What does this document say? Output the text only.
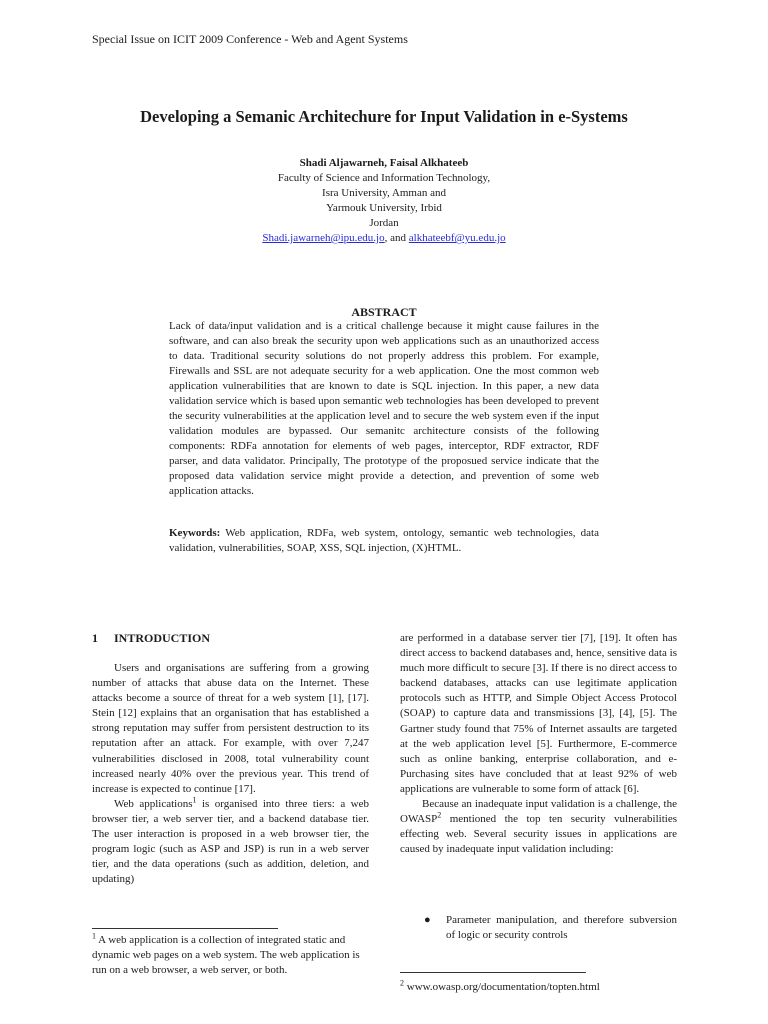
Special Issue on ICIT 2009 Conference - Web and Agent Systems
Developing a Semanic Architechure for Input Validation in e-Systems
Shadi Aljawarneh, Faisal Alkhateeb
Faculty of Science and Information Technology,
Isra University, Amman and
Yarmouk University, Irbid
Jordan
Shadi.jawarneh@ipu.edu.jo, and alkhateebf@yu.edu.jo
ABSTRACT
Lack of data/input validation and is a critical challenge because it might cause failures in the software, and can also break the security upon web applications such as an unauthorized access to data. Traditional security solutions do not properly address this problem. For example, Firewalls and SSL are not adequate security for a web application. One the most common web application vulnerabilities that are known to date is SQL injection. In this paper, a new data validation service which is based upon semantic web technologies has been developed to prevent the security vulnerabilities at the application level and to secure the web system even if the input validation modules are bypassed. Our semanitc architecture consists of the following components: RDFa annotation for elements of web pages, interceptor, RDF extractor, RDF parser, and data validator. Principally, The prototype of the proposued service indicate that the proposed data validation service might provide a detection, and prevention of some web application attacks.
Keywords: Web application, RDFa, web system, ontology, semantic web technologies, data validation, vulnerabilities, SOAP, XSS, SQL injection, (X)HTML.
1 INTRODUCTION

Users and organisations are suffering from a growing number of attacks that abuse data on the Internet. These attacks become a source of threat for a web system [1], [17]. Stein [12] explains that an organisation that has established a strong reputation may suffer from persistent destruction to its reputation after an attack. For example, with over 7,247 vulnerabilities disclosed in 2008, total vulnerability count increased nearly 40% over the previous year. This trend of increase is expected to continue [17].

Web applications$^1$ is organised into three tiers: a web browser tier, a web server tier, and a backend database tier. The user interaction is proposed in a web browser tier, the program logic (such as ASP and JSP) is run in a web server tier, and the data operations (such as addition, deletion, and updating)

$^1$ A web application is a collection of integrated static and dynamic web pages on a web system. The web application is run on a web browser, a web server, or both.

are performed in a database server tier [7], [19]. It often has direct access to backend databases and, hence, sensitive data is much more difficult to secure [3]. If there is no direct access to backend databases, attacks can use legitimate application protocols such as HTTP, and Simple Object Access Protocol (SOAP) to capture data and transmissions [3], [4], [5]. The Gartner study found that 75% of Internet assaults are targeted at the web application level [5]. Furthermore, E-commerce such as online banking, enterprise collaboration, and e-Purchasing sites have concluded that at least 92% of web applications are vulnerable to some form of attack [6].

Because an inadequate input validation is a challenge, the OWASP$^2$ mentioned the top ten security vulnerabilities effecting web. Several security issues in applications are caused by inadequate input validation including:

●	Parameter manipulation, and therefore subversion of logic or security controls
$^2$ www.owasp.org/documentation/topten.html
